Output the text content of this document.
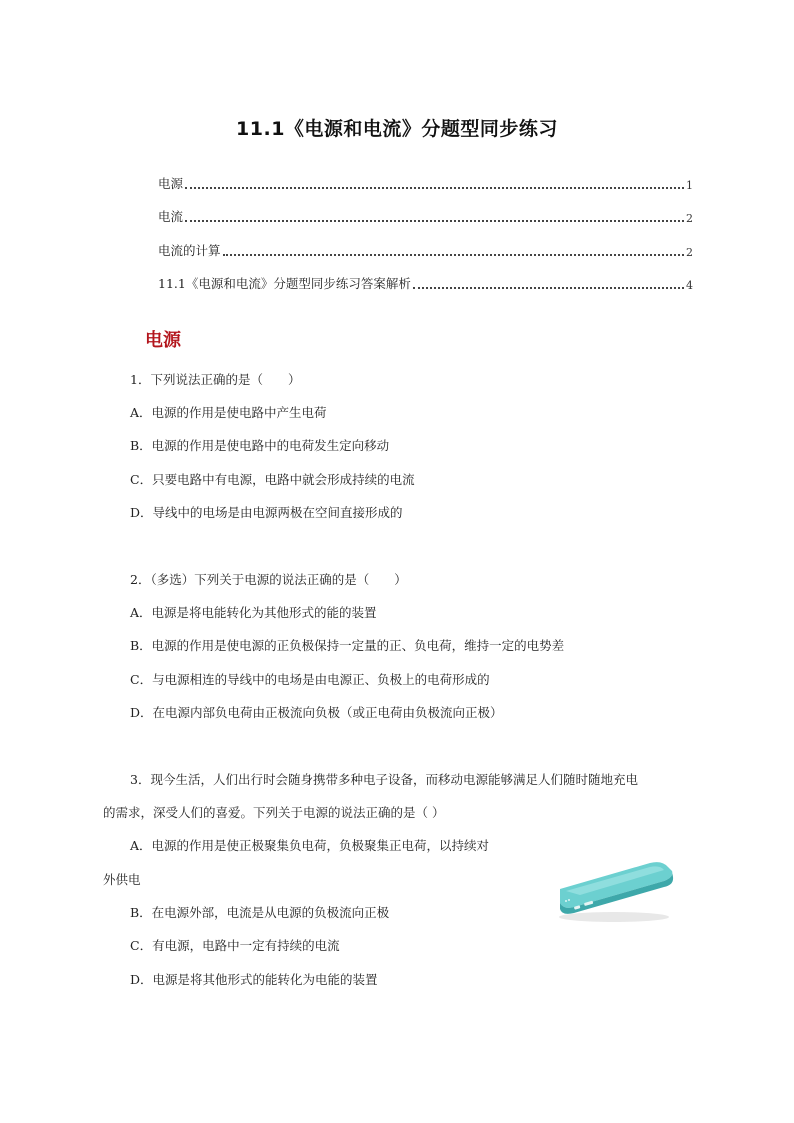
11.1《电源和电流》分题型同步练习
电源	1
电流	2
电流的计算	2
11.1《电源和电流》分题型同步练习答案解析	4
电源
1．下列说法正确的是（　　）
A．电源的作用是使电路中产生电荷
B．电源的作用是使电路中的电荷发生定向移动
C．只要电路中有电源，电路中就会形成持续的电流
D．导线中的电场是由电源两极在空间直接形成的
2．（多选）下列关于电源的说法正确的是（　　）
A．电源是将电能转化为其他形式的能的装置
B．电源的作用是使电源的正负极保持一定量的正、负电荷，维持一定的电势差
C．与电源相连的导线中的电场是由电源正、负极上的电荷形成的
D．在电源内部负电荷由正极流向负极（或正电荷由负极流向正极）
3．现今生活，人们出行时会随身携带多种电子设备，而移动电源能够满足人们随时随地充电
的需求，深受人们的喜爱。下列关于电源的说法正确的是（ ）
A．电源的作用是使正极聚集负电荷，负极聚集正电荷，以持续对
外供电
B．在电源外部，电流是从电源的负极流向正极
C．有电源，电路中一定有持续的电流
D．电源是将其他形式的能转化为电能的装置
